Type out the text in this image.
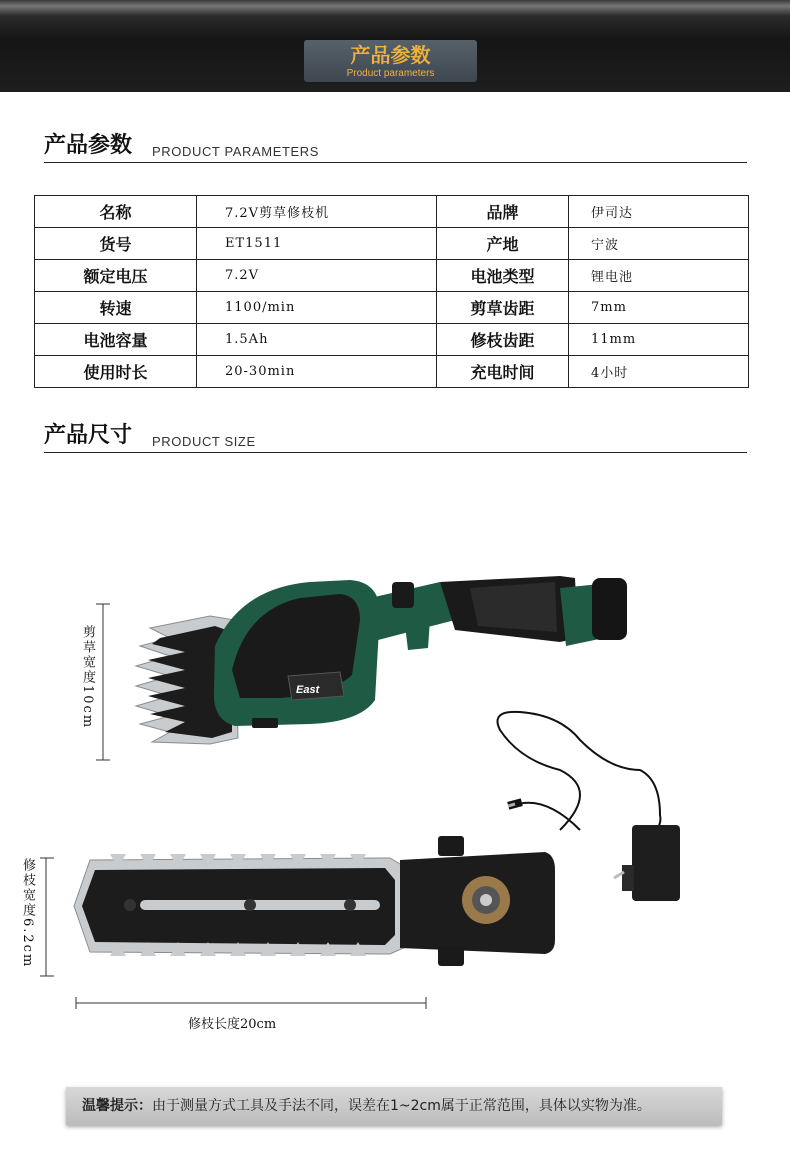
产品参数
Product parameters
产品参数 PRODUCT PARAMETERS
名称	7.2V剪草修枝机	品牌	伊司达
货号	ET1511	产地	宁波
额定电压	7.2V	电池类型	锂电池
转速	1100/min	剪草齿距	7mm
电池容量	1.5Ah	修枝齿距	11mm
使用时长	20-30min	充电时间	4小时
产品尺寸 PRODUCT SIZE
East
剪草宽度10cm
修枝宽度6.2cm
修枝长度20cm
温馨提示：由于测量方式工具及手法不同，误差在1~2cm属于正常范围，具体以实物为准。
